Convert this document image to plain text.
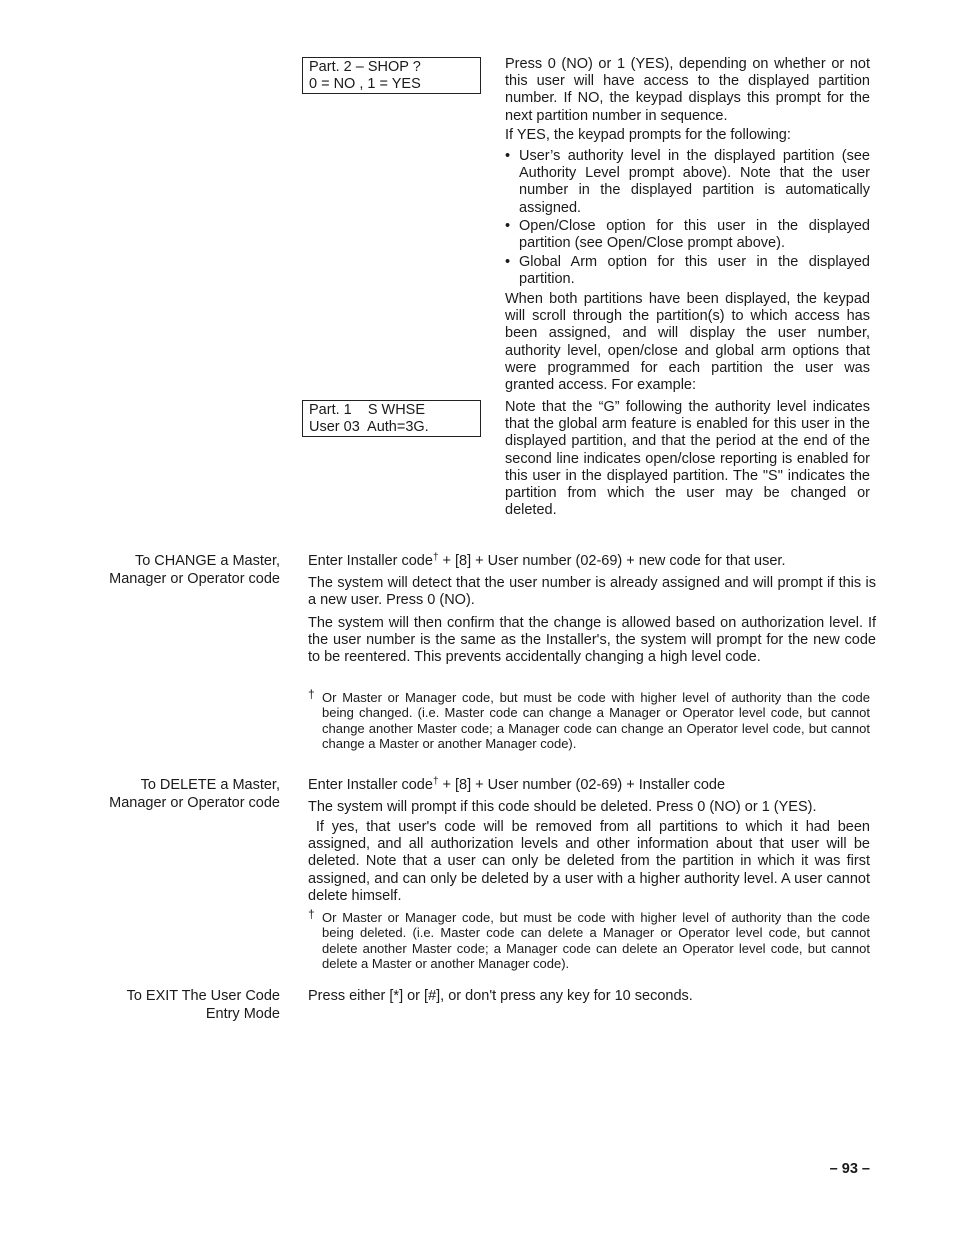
Part. 2 – SHOP ?
0 = NO , 1 = YES
Part. 1    S WHSE
User 03  Auth=3G.
Press 0 (NO) or 1 (YES), depending on whether or not this user will have access to the displayed partition number. If NO, the keypad displays this prompt for the next partition number in sequence.
If YES, the keypad prompts for the following:
• User’s authority level in the displayed partition (see Authority Level prompt above). Note that the user number in the displayed partition is automatically assigned.
• Open/Close option for this user in the displayed partition (see Open/Close prompt above).
• Global Arm option for this user in the displayed partition.
When both partitions have been displayed, the keypad will scroll through the partition(s) to which access has been assigned, and will display the user number, authority level, open/close and global arm options that were programmed for each partition the user was granted access. For example:
Note that the “G” following the authority level indicates that the global arm feature is enabled for this user in the displayed partition, and that the period at the end of the second line indicates open/close reporting is enabled for this user in the displayed partition. The "S" indicates the partition from which the user may be changed or deleted.
To CHANGE a Master,
Manager or Operator code
Enter Installer code† + [8] + User number (02-69) + new code for that user.
The system will detect that the user number is already assigned and will prompt if this is a new user. Press 0 (NO).
The system will then confirm that the change is allowed based on authorization level. If the user number is the same as the Installer's, the system will prompt for the new code to be reentered. This prevents accidentally changing a high level code.
† Or Master or Manager code, but must be code with higher level of authority than the code being changed. (i.e. Master code can change a Manager or Operator level code, but cannot change another Master code; a Manager code can change an Operator level code, but cannot change a Master or another Manager code).
To DELETE a Master,
Manager or Operator code
Enter Installer code† + [8] + User number (02-69) + Installer code
The system will prompt if this code should be deleted. Press 0 (NO) or 1 (YES).
If yes, that user's code will be removed from all partitions to which it had been assigned, and all authorization levels and other information about that user will be deleted. Note that a user can only be deleted from the partition in which it was first assigned, and can only be deleted by a user with a higher authority level. A user cannot delete himself.
† Or Master or Manager code, but must be code with higher level of authority than the code being deleted. (i.e. Master code can delete a Manager or Operator level code, but cannot delete another Master code; a Manager code can delete an Operator level code, but cannot delete a Master or another Manager code).
To EXIT The User Code
Entry Mode
Press either [*] or [#], or don't press any key for 10 seconds.
– 93 –
